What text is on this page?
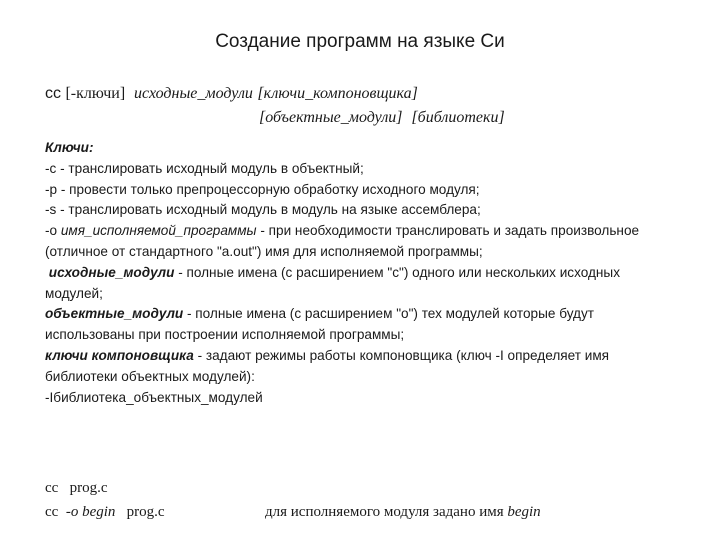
Создание программ на языке Си
cc [-ключи] исходные_модули [ключи_компоновщика]
[объектные_модули] [библиотеки]

Ключи:

-с - транслировать исходный модуль в объектный;

-р - провести только препроцессорную обработку исходного модуля;

-s - транслировать исходный модуль в модуль на языке ассемблера;

-о имя_исполняемой_программы - при необходимости транслировать и задать произвольное (отличное от стандартного "a.out") имя для исполняемой программы;

исходные_модули - полные имена (с расширением "с") одного или нескольких исходных модулей;

объектные_модули - полные имена (с расширением "о") тех модулей которые будут использованы при построении исполняемой программы;

ключи компоновщика - задают режимы работы компоновщика (ключ -I определяет имя библиотеки объектных модулей):

-Iбиблиотека_объектных_модулей

cc prog.c
cc -o begin prog.c	для исполняемого модуля задано имя begin
